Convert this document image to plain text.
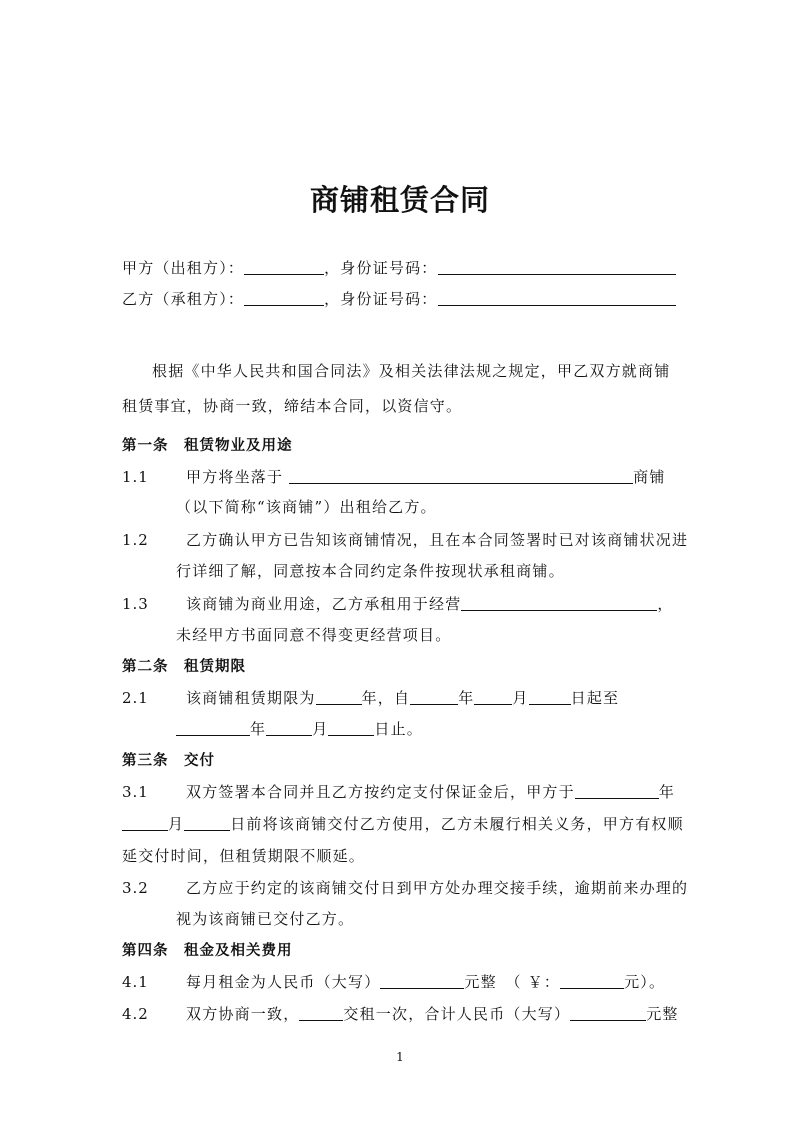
商铺租赁合同
甲方（出租方）：	，身份证号码：
乙方（承租方）：	，身份证号码：
根据《中华人民共和国合同法》及相关法律法规之规定，甲乙双方就商铺
租赁事宜，协商一致，缔结本合同，以资信守。
第一条　租赁物业及用途
1.1 甲方将坐落于	商铺
（以下简称“该商铺”）出租给乙方。
1.2 乙方确认甲方已告知该商铺情况，且在本合同签署时已对该商铺状况进
行详细了解，同意按本合同约定条件按现状承租商铺。
1.3 该商铺为商业用途，乙方承租用于经营	，
未经甲方书面同意不得变更经营项目。
第二条　租赁期限
2.1 该商铺租赁期限为	年，自	年	月	日起至
年	月	日止。
第三条　交付
3.1 双方签署本合同并且乙方按约定支付保证金后，甲方于	年
月	日前将该商铺交付乙方使用，乙方未履行相关义务，甲方有权顺
延交付时间，但租赁期限不顺延。
3.2 乙方应于约定的该商铺交付日到甲方处办理交接手续，逾期前来办理的
视为该商铺已交付乙方。
第四条　租金及相关费用
4.1 每月租金为人民币（大写）	元整　（ ￥：	元）。
4.2 双方协商一致，	交租一次，合计人民币（大写）	元整
1
